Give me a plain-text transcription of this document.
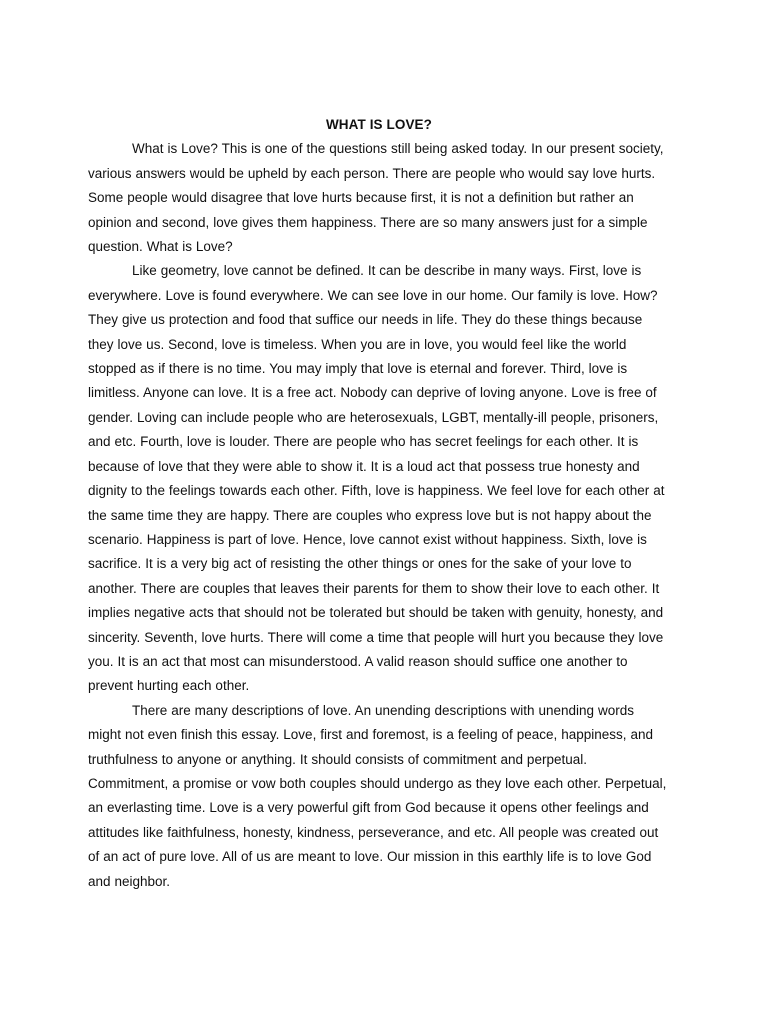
WHAT IS LOVE?

What is Love? This is one of the questions still being asked today. In our present society, various answers would be upheld by each person. There are people who would say love hurts. Some people would disagree that love hurts because first, it is not a definition but rather an opinion and second, love gives them happiness. There are so many answers just for a simple question. What is Love?

Like geometry, love cannot be defined. It can be describe in many ways. First, love is everywhere. Love is found everywhere. We can see love in our home. Our family is love. How? They give us protection and food that suffice our needs in life. They do these things because they love us. Second, love is timeless. When you are in love, you would feel like the world stopped as if there is no time. You may imply that love is eternal and forever. Third, love is limitless. Anyone can love. It is a free act. Nobody can deprive of loving anyone. Love is free of gender. Loving can include people who are heterosexuals, LGBT, mentally-ill people, prisoners, and etc. Fourth, love is louder. There are people who has secret feelings for each other. It is because of love that they were able to show it. It is a loud act that possess true honesty and dignity to the feelings towards each other. Fifth, love is happiness. We feel love for each other at the same time they are happy. There are couples who express love but is not happy about the scenario. Happiness is part of love. Hence, love cannot exist without happiness. Sixth, love is sacrifice. It is a very big act of resisting the other things or ones for the sake of your love to another. There are couples that leaves their parents for them to show their love to each other. It implies negative acts that should not be tolerated but should be taken with genuity, honesty, and sincerity. Seventh, love hurts. There will come a time that people will hurt you because they love you. It is an act that most can misunderstood. A valid reason should suffice one another to prevent hurting each other.

There are many descriptions of love. An unending descriptions with unending words might not even finish this essay. Love, first and foremost, is a feeling of peace, happiness, and truthfulness to anyone or anything. It should consists of commitment and perpetual. Commitment, a promise or vow both couples should undergo as they love each other. Perpetual, an everlasting time. Love is a very powerful gift from God because it opens other feelings and attitudes like faithfulness, honesty, kindness, perseverance, and etc. All people was created out of an act of pure love. All of us are meant to love. Our mission in this earthly life is to love God and neighbor.
